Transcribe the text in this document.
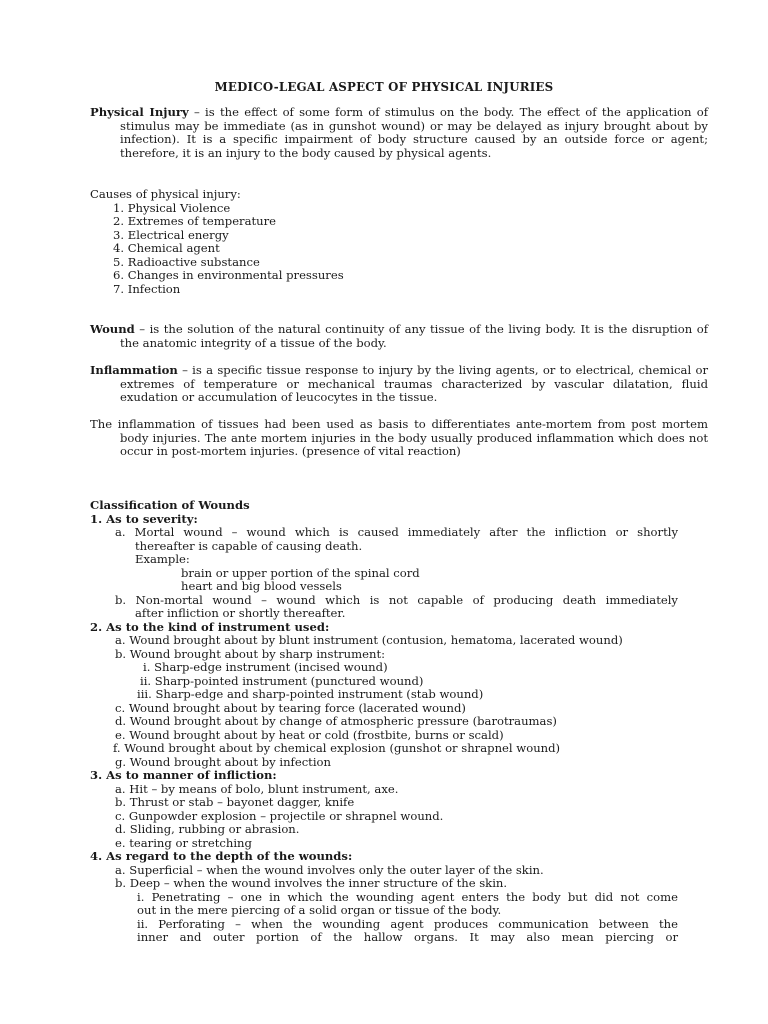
MEDICO-LEGAL ASPECT OF PHYSICAL INJURIES
Physical Injury – is the effect of some form of stimulus on the body. The effect of the application of stimulus may be immediate (as in gunshot wound) or may be delayed as injury brought about by infection). It is a specific impairment of body structure caused by an outside force or agent; therefore, it is an injury to the body caused by physical agents.
Causes of physical injury:
1. Physical Violence
2. Extremes of temperature
3. Electrical energy
4. Chemical agent
5. Radioactive substance
6. Changes in environmental pressures
7. Infection
Wound – is the solution of the natural continuity of any tissue of the living body. It is the disruption of the anatomic integrity of a tissue of the body.
Inflammation – is a specific tissue response to injury by the living agents, or to electrical, chemical or extremes of temperature or mechanical traumas characterized by vascular dilatation, fluid exudation or accumulation of leucocytes in the tissue.
The inflammation of tissues had been used as basis to differentiates ante-mortem from post mortem body injuries. The ante mortem injuries in the body usually produced inflammation which does not occur in post-mortem injuries. (presence of vital reaction)
Classification of Wounds
1. As to severity:
a. Mortal wound – wound which is caused immediately after the infliction or shortly
thereafter is capable of causing death.
Example:
brain or upper portion of the spinal cord
heart and big blood vessels
b. Non-mortal wound – wound which is not capable of producing death immediately
after infliction or shortly thereafter.
2. As to the kind of instrument used:
a. Wound brought about by blunt instrument (contusion, hematoma, lacerated wound)
b. Wound brought about by sharp instrument:
i. Sharp-edge instrument (incised wound)
ii. Sharp-pointed instrument (punctured wound)
iii. Sharp-edge and sharp-pointed instrument (stab wound)
c. Wound brought about by tearing force (lacerated wound)
d. Wound brought about by change of atmospheric pressure (barotraumas)
e. Wound brought about by heat or cold (frostbite, burns or scald)
f. Wound brought about by chemical explosion (gunshot or shrapnel wound)
g. Wound brought about by infection
3. As to manner of infliction:
a. Hit – by means of bolo, blunt instrument, axe.
b. Thrust or stab – bayonet dagger, knife
c. Gunpowder explosion – projectile or shrapnel wound.
d. Sliding, rubbing or abrasion.
e. tearing or stretching
4. As regard to the depth of the wounds:
a. Superficial – when the wound involves only the outer layer of the skin.
b. Deep – when the wound involves the inner structure of the skin.
i. Penetrating – one in which the wounding agent enters the body but did not come
out in the mere piercing of a solid organ or tissue of the body.
ii. Perforating – when the wounding agent produces communication between the
inner and outer portion of the hallow organs. It may also mean piercing or
